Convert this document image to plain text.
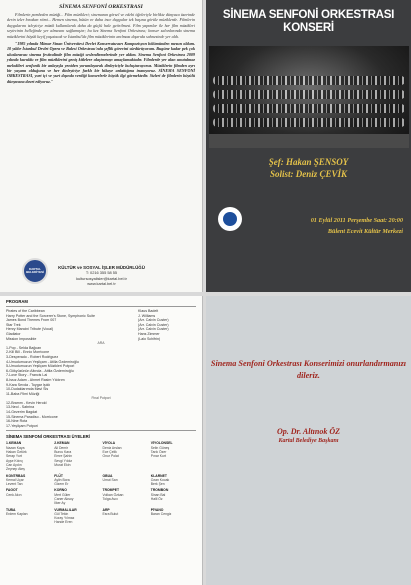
SİNEMA SENFONİ ORKESTRASI

Filmlerin pembeden müziği... Film müzikleri; sinemanın görsel ve edebi öğeleriyle birlikte dünyaca üzerinde derin izler bırakan ritmi... Hemen sinema, bütün ve daha ince duygular tek başına görüle müziklerde. Filmlerin duygularını izleyiciye müzik kullanılarak daha da güçlü hale getirilmesi. Film yapımlar ile her film müzikleri seyircinin belleğinde yer almasını sağlamıştır; bu kez Sinema Senfoni Orkestrası; konser salonlarında sinema müziklerini büyük keyif yaşatacak ve İstanbul'da film müziklerinin anılması dışarıda sahnesinde yer aldı.

"1985 yılında Mimar Sinan Üniversitesi Devlet Konservatuvarı Kompozisyon bölümünden mezun oldum. 10 yıldır İstanbul Devlet Opera ve Balesi Orkestrası'nda şeflik görevini sürdürüyorum. Bugüne kadar pek çok uluslararası sinema festivalinde film müziği seslendirmelerinde yer aldım. Sinema Senfoni Orkestrası 2009 yılında kuruldu ve film müziklerini geniş kitlelere ulaştırmayı amaçlamaktadır. Filmlerde yer alan unutulmaz melodileri senfonik bir anlayışla yeniden yorumlayarak dinleyiciyle buluşturuyoruz. Müziklerin filmden ayrı bir yaşamı olduğuna ve her dinleyiciye farklı bir hikaye anlattığına inanıyoruz. SİNEMA SENFONİ ORKESTRASI, yurt içi ve yurt dışında verdiği konserlerle büyük ilgi görmektedir. Sizleri de filmlerin büyülü dünyasına davet ediyoruz."

KARTAL BELEDİYESİ
KÜLTÜR ve SOSYAL İŞLER MÜDÜRLÜĞÜ
T: 0216 355 58 55
kultursosyalisler@kartal.bel.tr
www.kartal.bel.tr
SİNEMA SENFONİ ORKESTRASI
KONSERİ
Şef: Hakan ŞENSOY
Solist: Deniz ÇEVİK
01 Eylül 2011 Perşembe Saat: 20:00
Bülent Ecevit Kültür Merkezi
PROGRAM
Pirates of the Caribbean	Klaus Badelt
Harry Potter and the Sorcerer's Stone, Symphonic Suite	J. Williams
James Bond Themes From 007	(Arr. Calvin Custer)
Star Trek	(Arr. Calvin Custer)
Henry Mancini Tribute (Vocal)	(Arr. Calvin Custer)
Gladiator	Hans Zimmer
Mission Impossible	(Lalo Schifrin)
ARA
1-Pop - Selda Bağcan
2-Kill Bill - Ennio Morricone
3-Desperado - Robert Rodriguez
4-Umudumuzun Yeşilçam - Atilla Özdemiroğlu
5-Umudumuzun Yeşilçam Müzikleri Potpori
6-Gökyüzünün Altında - Attila Özdemiroğlu
7-Love Story - Francis Lai
8-Issız Adam - Ahmet Rasim Yıldırım
9-Kara Sevda - Toygar Işıklı
10-Dudaklarımda Mavi Sis
11-Baba Filmi Müziği
Final Potpori
12-Bramm - Kevin Herold
13-Neol - Sabrina
14-Gezerim Bagdat
15-Sinema Paradiso - Morricone
16-Nine Rota
17-Yeşilçam Potpori
SİNEMA SENFONİ ORKESTRASI ÜYELERİ
1.KEMAN
Nazan Kaya
Hakan Öztürk
Serap Yurt
Ayşe Kılınç
Can Aydın
Zeynep Ateş
2.KEMAN
Ali Demir
Burcu Kara
Emre Şahin
Sevgi Yıldız
Murat Ekin
VİYOLA
Deniz Arslan
Ece Çelik
Onur Polat
VİYOLONSEL
Selin Güneş
Tarık Özer
Pınar Kurt
KONTRBAS
Kemal Uçar
Levent Tan
FLÜT
Aylin Bora
Gizem Er
OBUA
Umut Sarı
KLARNET
Ozan Kocak
Berk Şen
FAGOT
Cenk Akın
KORNO
Mert Güler
Caner Aksoy
İlker Ay
TROMPET
Volkan Özkan
Tolga Avcı
TROMBON
Sinan Bal
Halil Öz
TUBA
Erdem Kaplan
VURMALILAR
Gül Tekin
Koray Yılmaz
Hande Eren
ARP
Esra Bulut
PİYANO
Baran Cengiz
Sinema Senfoni Orkestrası Konserimizi onurlandırmanızı dileriz.
Op. Dr. Altınok ÖZ
Kartal Belediye Başkanı
